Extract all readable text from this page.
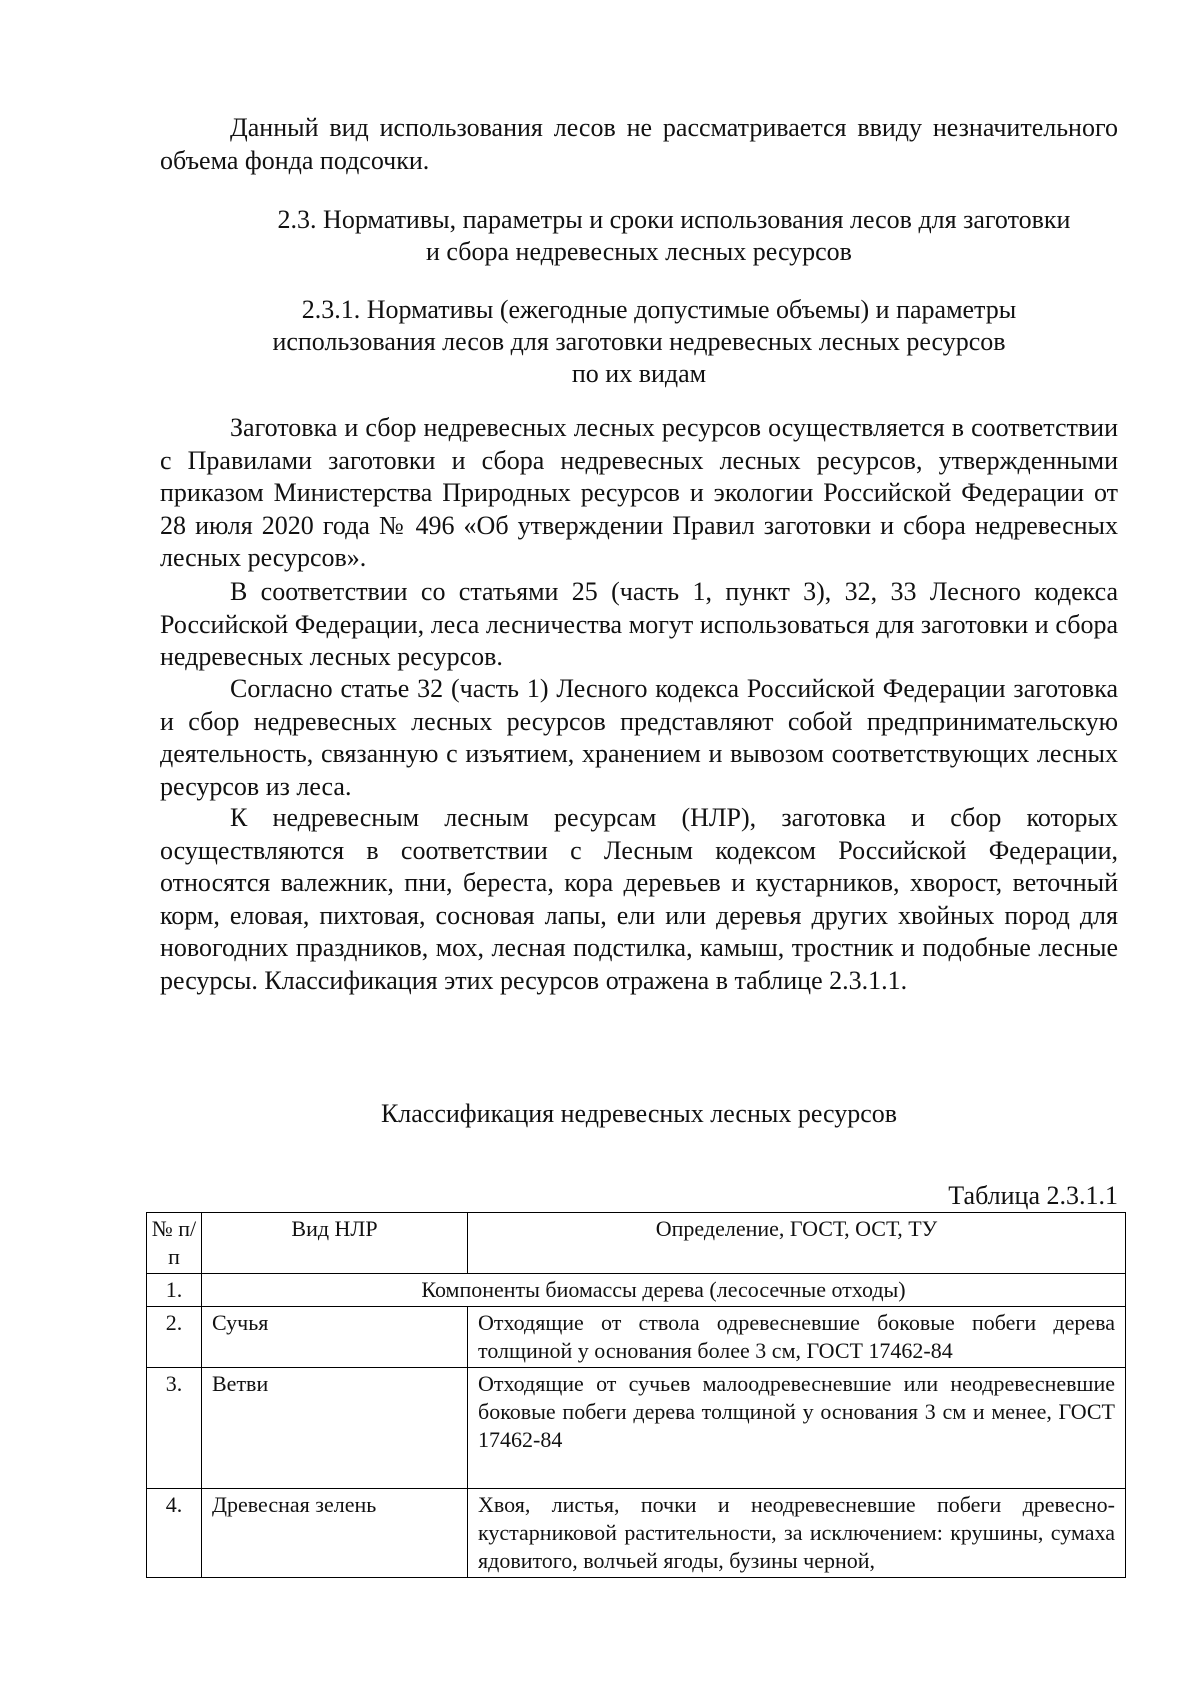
Данный вид использования лесов не рассматривается ввиду незначительного объема фонда подсочки.

2.3. Нормативы, параметры и сроки использования лесов для заготовки
и сбора недревесных лесных ресурсов
2.3.1. Нормативы (ежегодные допустимые объемы) и параметры
использования лесов для заготовки недревесных лесных ресурсов
по их видам

Заготовка и сбор недревесных лесных ресурсов осуществляется в соответствии с Правилами заготовки и сбора недревесных лесных ресурсов, утвержденными приказом Министерства Природных ресурсов и экологии Российской Федерации от 28 июля 2020 года № 496 «Об утверждении Правил заготовки и сбора недревесных лесных ресурсов».

В соответствии со статьями 25 (часть 1, пункт 3), 32, 33 Лесного кодекса Российской Федерации, леса лесничества могут использоваться для заготовки и сбора недревесных лесных ресурсов.

Согласно статье 32 (часть 1) Лесного кодекса Российской Федерации заготовка и сбор недревесных лесных ресурсов представляют собой предпринимательскую деятельность, связанную с изъятием, хранением и вывозом соответствующих лесных ресурсов из леса.

К недревесным лесным ресурсам (НЛР), заготовка и сбор которых осуществляются в соответствии с Лесным кодексом Российской Федерации, относятся валежник, пни, береста, кора деревьев и кустарников, хворост, веточный корм, еловая, пихтовая, сосновая лапы, ели или деревья других хвойных пород для новогодних праздников, мох, лесная подстилка, камыш, тростник и подобные лесные ресурсы. Классификация этих ресурсов отражена в таблице 2.3.1.1.

Классификация недревесных лесных ресурсов
Таблица 2.3.1.1
№ п/п	Вид НЛР	Определение, ГОСТ, ОСТ, ТУ
1.	Компоненты биомассы дерева (лесосечные отходы)	
2.	Сучья	Отходящие от ствола одревесневшие боковые побеги дерева толщиной у основания более 3 см, ГОСТ 17462-84
3.	Ветви	Отходящие от сучьев малоодревесневшие или неодревесневшие боковые побеги дерева толщиной у основания 3 см и менее, ГОСТ 17462-84
4.	Древесная зелень	Хвоя, листья, почки и неодревесневшие побеги древесно-кустарниковой растительности, за исключением: крушины, сумаха ядовитого, волчьей ягоды, бузины черной,
